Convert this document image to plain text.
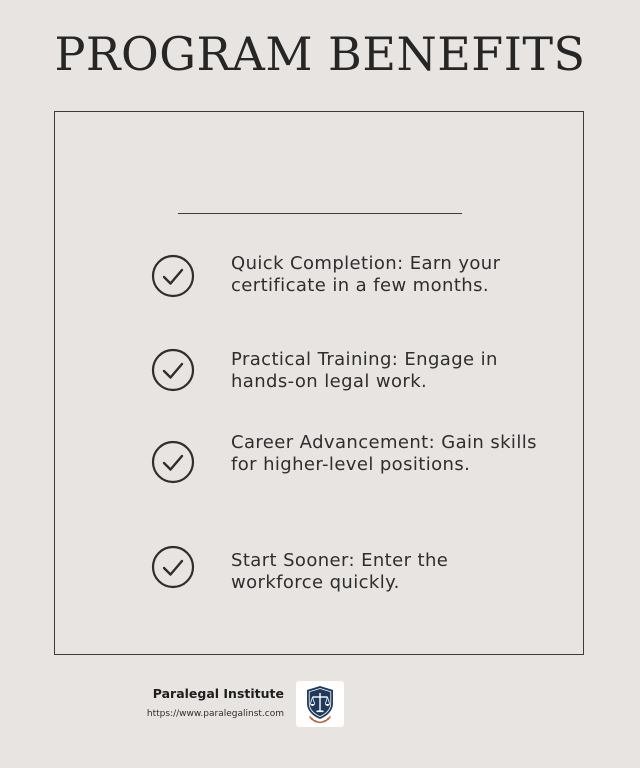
PROGRAM BENEFITS
Quick Completion: Earn your certificate in a few months.
Practical Training: Engage in hands-on legal work.
Career Advancement: Gain skills for higher-level positions.
Start Sooner: Enter the workforce quickly.
Paralegal Institute
https://www.paralegalinst.com
